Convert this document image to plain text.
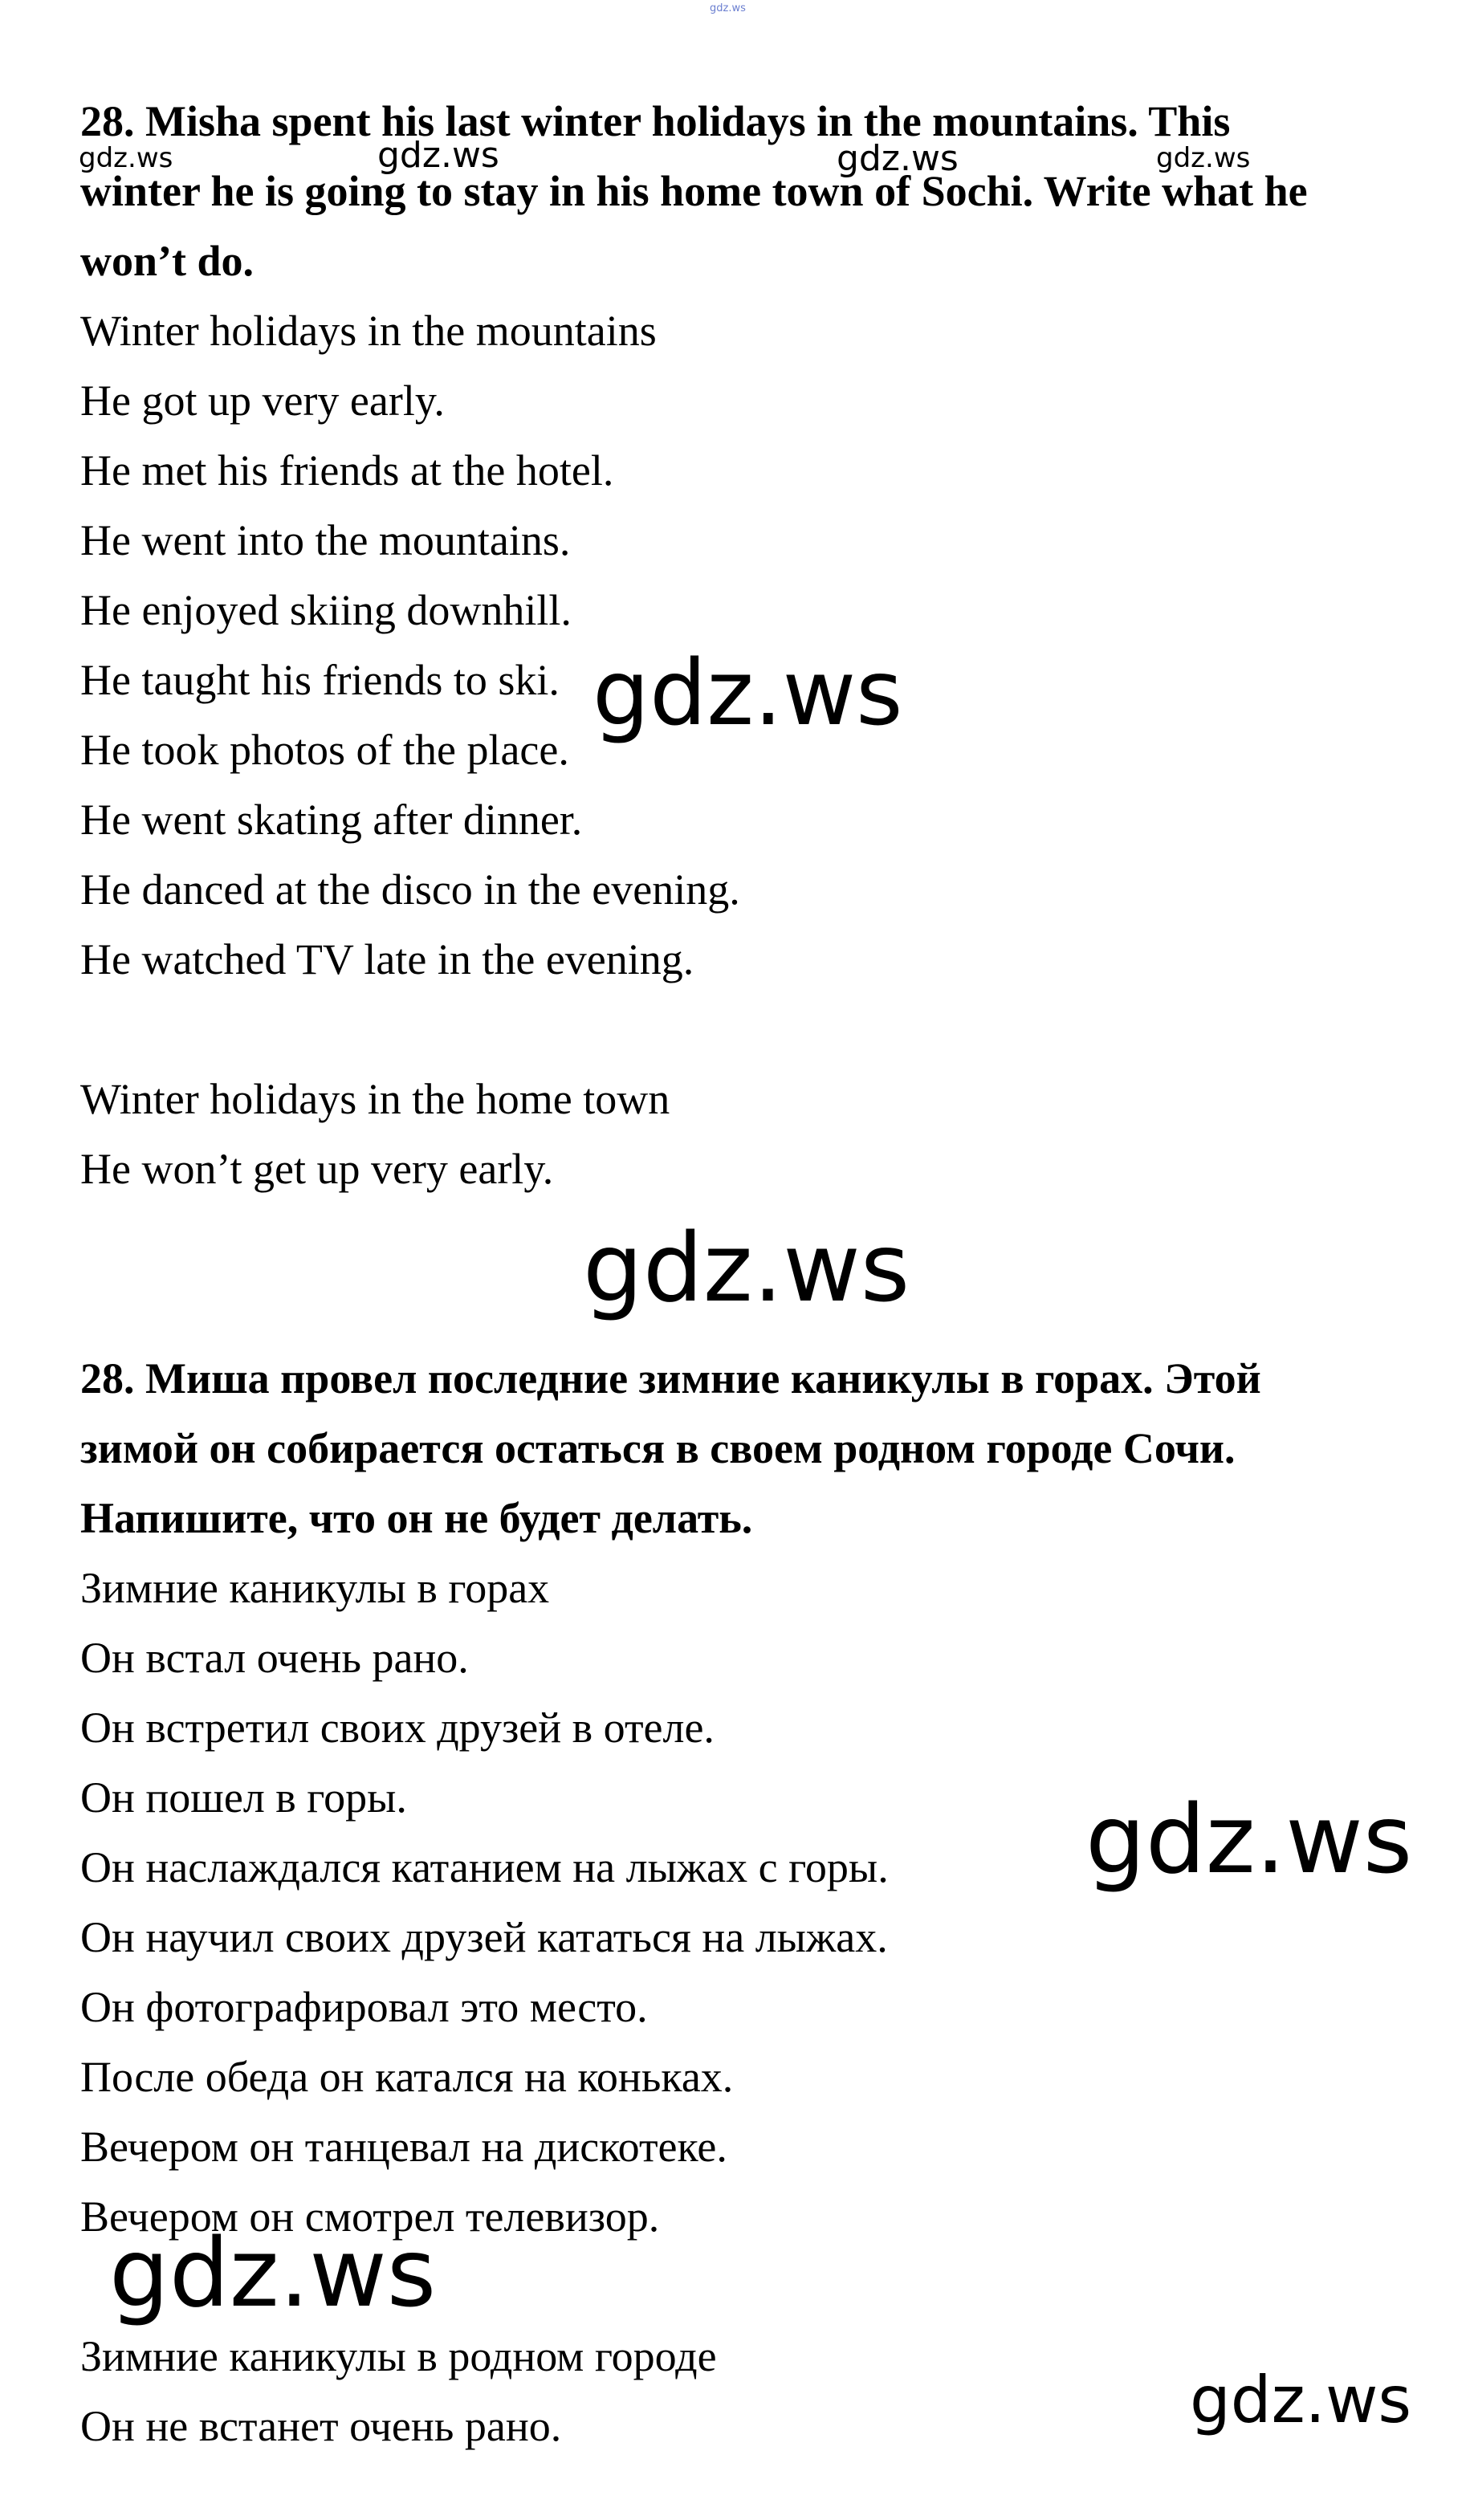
gdz.ws
gdz.ws	gdz.ws	gdz.ws	gdz.ws
gdz.ws
gdz.ws
gdz.ws
gdz.ws
gdz.ws
28. Misha spent his last winter holidays in the mountains. This
winter he is going to stay in his home town of Sochi. Write what he
won’t do.
Winter holidays in the mountains
He got up very early.
He met his friends at the hotel.
He went into the mountains.
He enjoyed skiing downhill.
He taught his friends to ski.
He took photos of the place.
He went skating after dinner.
He danced at the disco in the evening.
He watched TV late in the evening.
Winter holidays in the home town
He won’t get up very early.
28. Миша провел последние зимние каникулы в горах. Этой
зимой он собирается остаться в своем родном городе Сочи.
Напишите, что он не будет делать.
Зимние каникулы в горах
Он встал очень рано.
Он встретил своих друзей в отеле.
Он пошел в горы.
Он наслаждался катанием на лыжах с горы.
Он научил своих друзей кататься на лыжах.
Он фотографировал это место.
После обеда он катался на коньках.
Вечером он танцевал на дискотеке.
Вечером он смотрел телевизор.
Зимние каникулы в родном городе
Он не встанет очень рано.
